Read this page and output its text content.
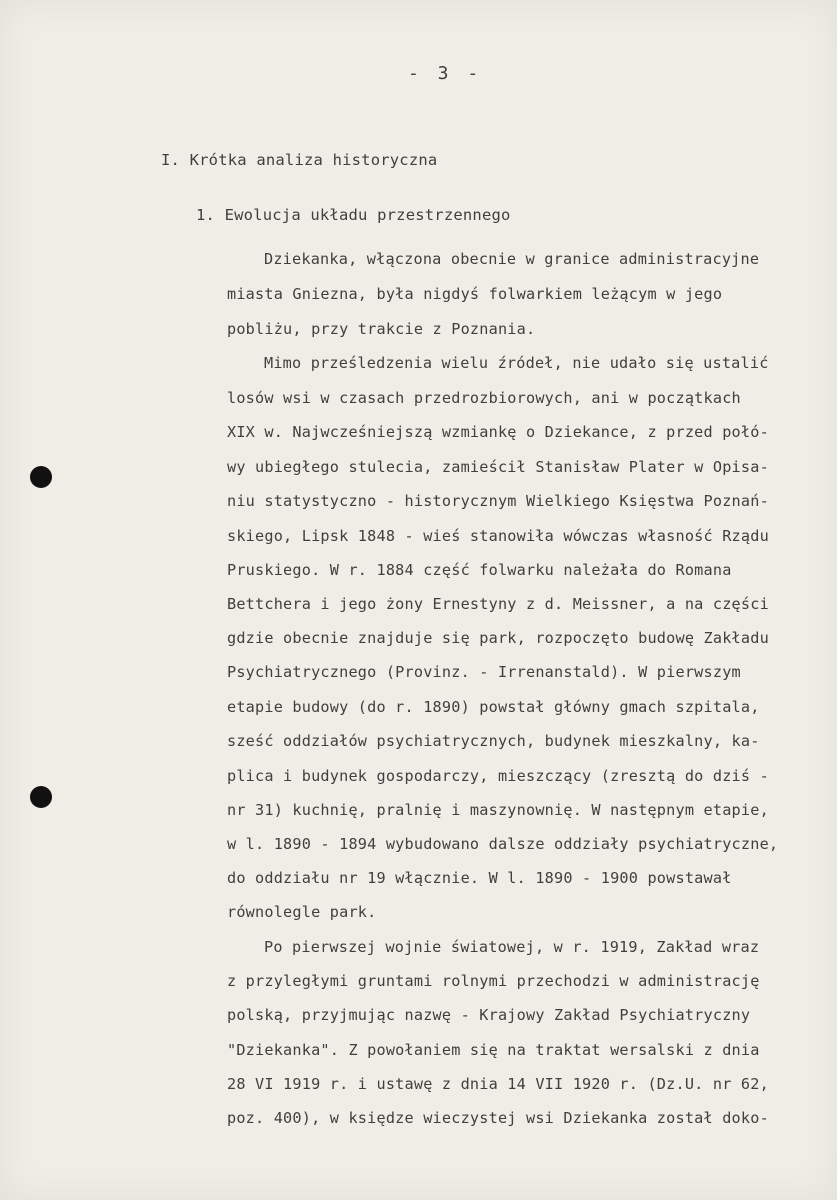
- 3 -
I. Krótka analiza historyczna
1. Ewolucja układu przestrzennego
Dziekanka, włączona obecnie w granice administracyjne
miasta Gniezna, była nigdyś folwarkiem leżącym w jego
pobliżu, przy trakcie z Poznania.
Mimo prześledzenia wielu źródeł, nie udało się ustalić
losów wsi w czasach przedrozbiorowych, ani w początkach
XIX w. Najwcześniejszą wzmiankę o Dziekance, z przed połó-
wy ubiegłego stulecia, zamieścił Stanisław Plater w Opisa-
niu statystyczno - historycznym Wielkiego Księstwa Poznań-
skiego, Lipsk 1848 - wieś stanowiła wówczas własność Rządu
Pruskiego. W r. 1884 część folwarku należała do Romana
Bettchera i jego żony Ernestyny z d. Meissner, a na części
gdzie obecnie znajduje się park, rozpoczęto budowę Zakładu
Psychiatrycznego (Provinz. - Irrenanstald). W pierwszym
etapie budowy (do r. 1890) powstał główny gmach szpitala,
sześć oddziałów psychiatrycznych, budynek mieszkalny, ka-
plica i budynek gospodarczy, mieszczący (zresztą do dziś -
nr 31) kuchnię, pralnię i maszynownię. W następnym etapie,
w l. 1890 - 1894 wybudowano dalsze oddziały psychiatryczne,
do oddziału nr 19 włącznie. W l. 1890 - 1900 powstawał
równolegle park.
Po pierwszej wojnie światowej, w r. 1919, Zakład wraz
z przyległymi gruntami rolnymi przechodzi w administrację
polską, przyjmując nazwę - Krajowy Zakład Psychiatryczny
"Dziekanka". Z powołaniem się na traktat wersalski z dnia
28 VI 1919 r. i ustawę z dnia 14 VII 1920 r. (Dz.U. nr 62,
poz. 400), w księdze wieczystej wsi Dziekanka został doko-
